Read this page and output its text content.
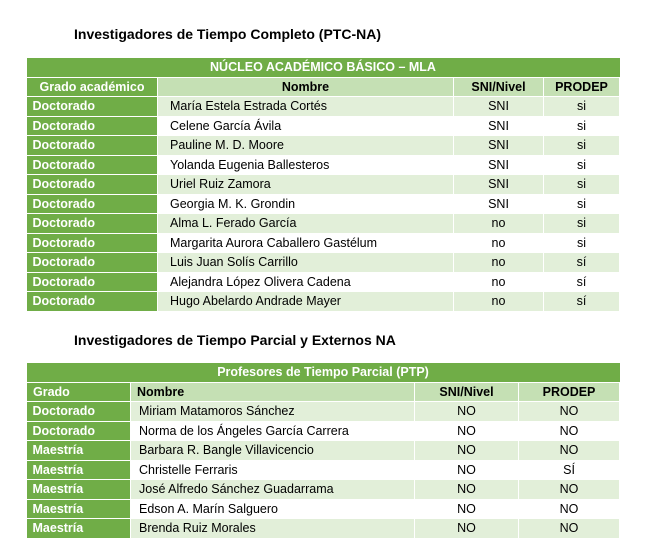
Investigadores de Tiempo Completo (PTC-NA)
NÚCLEO ACADÉMICO BÁSICO – MLA			
Grado académico	Nombre	SNI/Nivel	PRODEP
Doctorado	María Estela Estrada Cortés	SNI	si
Doctorado	Celene García Ávila	SNI	si
Doctorado	Pauline M. D. Moore	SNI	si
Doctorado	Yolanda Eugenia Ballesteros	SNI	si
Doctorado	Uriel Ruiz Zamora	SNI	si
Doctorado	Georgia M. K. Grondin	SNI	si
Doctorado	Alma L. Ferado García	no	si
Doctorado	Margarita Aurora Caballero Gastélum	no	si
Doctorado	Luis Juan Solís Carrillo	no	sí
Doctorado	Alejandra López Olivera Cadena	no	sí
Doctorado	Hugo Abelardo Andrade Mayer	no	sí
Investigadores de Tiempo Parcial y Externos NA
Profesores de Tiempo Parcial (PTP)			
Grado	Nombre	SNI/Nivel	PRODEP
Doctorado	Miriam Matamoros Sánchez	NO	NO
Doctorado	Norma de los Ángeles García Carrera	NO	NO
Maestría	Barbara R. Bangle Villavicencio	NO	NO
Maestría	Christelle Ferraris	NO	SÍ
Maestría	José Alfredo Sánchez Guadarrama	NO	NO
Maestría	Edson A. Marín Salguero	NO	NO
Maestría	Brenda Ruiz Morales	NO	NO
